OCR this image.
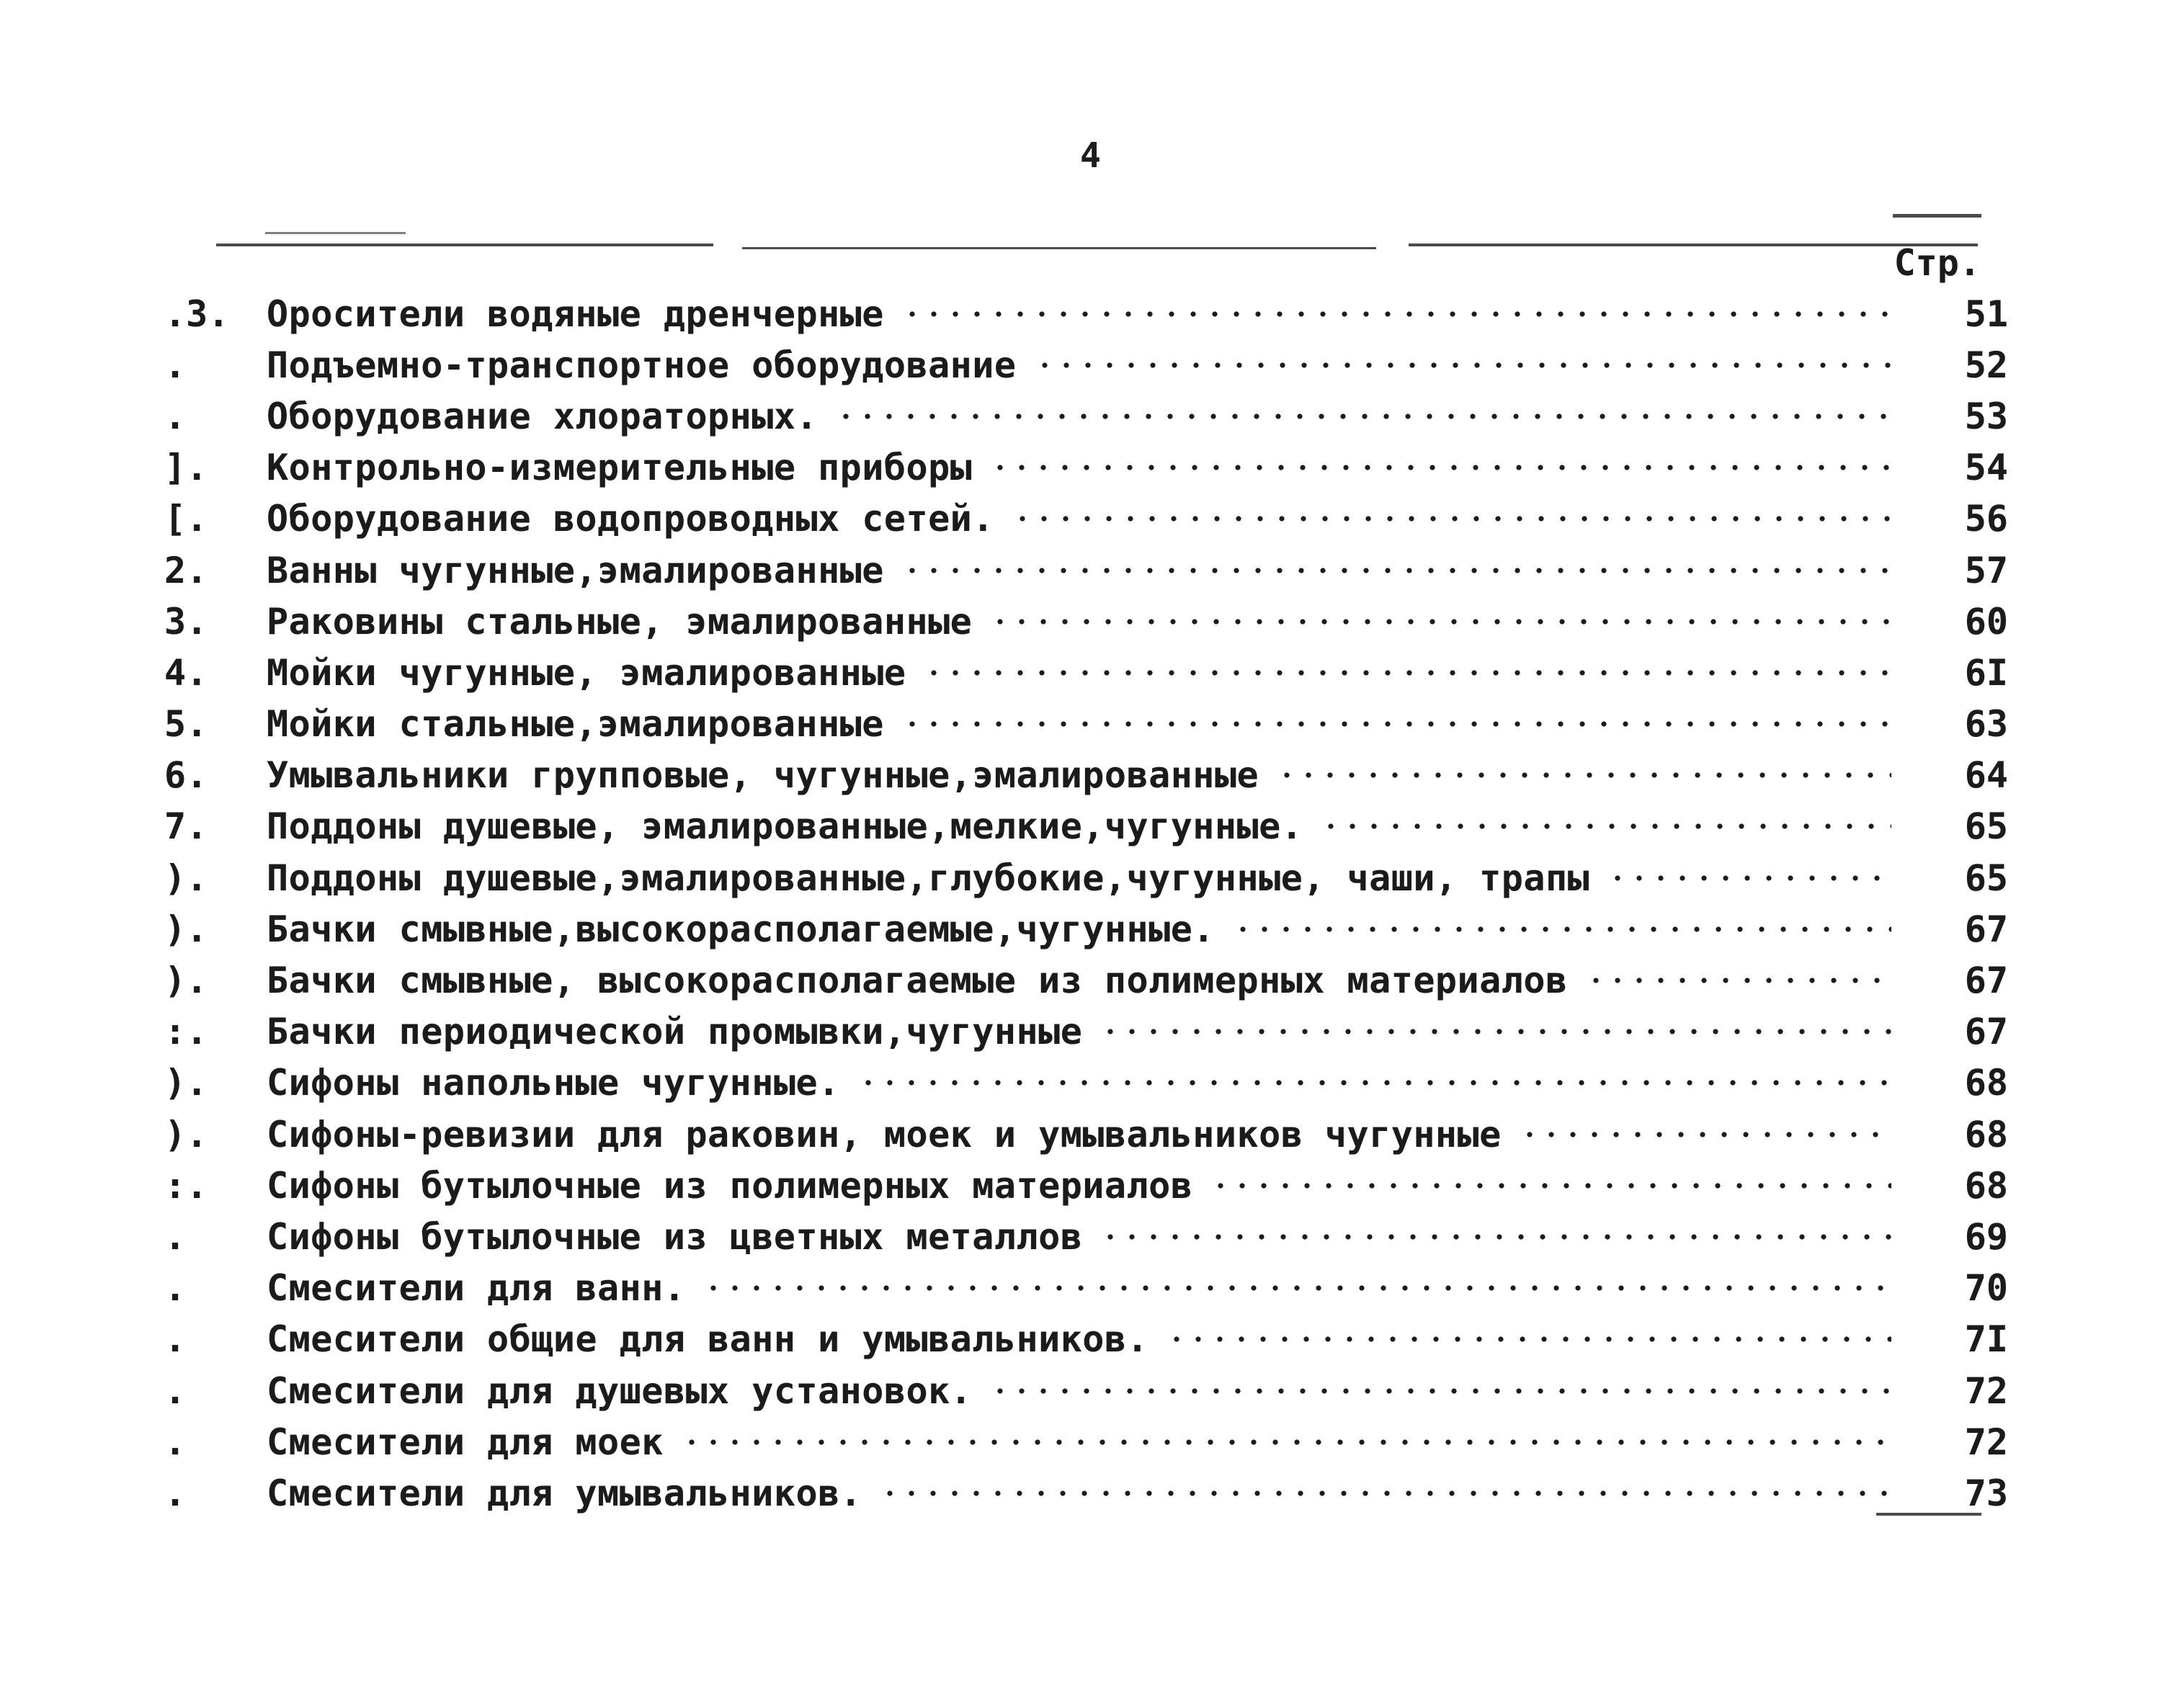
4
Стр.
.3.	Оросители водяные дренчерные	51
.	Подъемно-транспортное оборудование	52
.	Оборудование хлораторных.	53
].	Контрольно-измерительные приборы	54
[.	Оборудование водопроводных сетей.	56
2.	Ванны чугунные,эмалированные	57
3.	Раковины стальные, эмалированные	60
4.	Мойки чугунные, эмалированные	6I
5.	Мойки стальные,эмалированные	63
6.	Умывальники групповые, чугунные,эмалированные	64
7.	Поддоны душевые, эмалированные,мелкие,чугунные.	65
).	Поддоны душевые,эмалированные,глубокие,чугунные, чаши, трапы	65
).	Бачки смывные,высокорасполагаемые,чугунные.	67
).	Бачки смывные, высокорасполагаемые из полимерных материалов	67
:.	Бачки периодической промывки,чугунные	67
).	Сифоны напольные чугунные.	68
).	Сифоны-ревизии для раковин, моек и умывальников чугунные	68
:.	Сифоны бутылочные из полимерных материалов	68
.	Сифоны бутылочные из цветных металлов	69
.	Смесители для ванн.	70
.	Смесители общие для ванн и умывальников.	7I
.	Смесители для душевых установок.	72
.	Смесители для моек	72
.	Смесители для умывальников.	73
